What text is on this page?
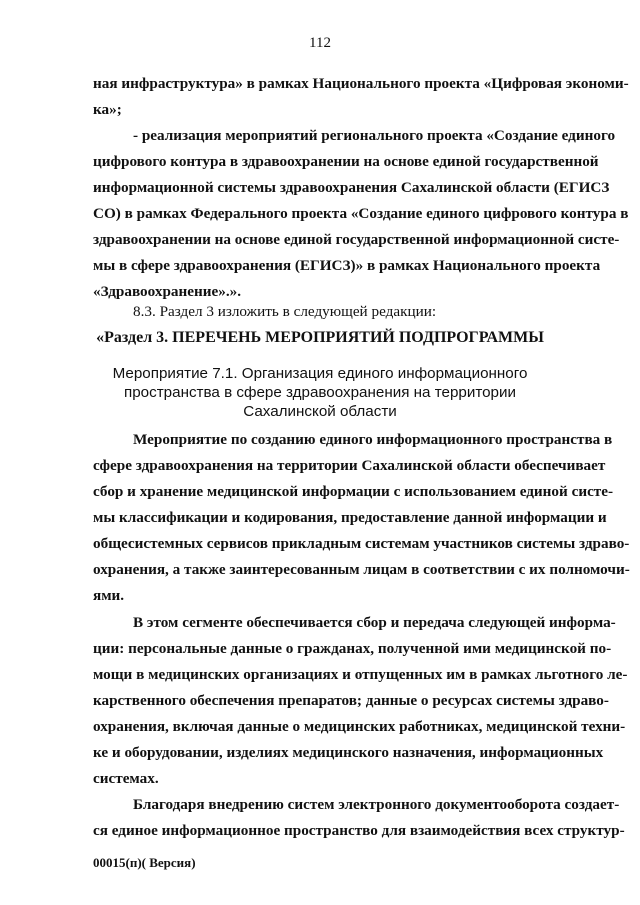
112
ная инфраструктура» в рамках Национального проекта «Цифровая экономи-
ка»;
- реализация мероприятий регионального проекта «Создание единого
цифрового контура в здравоохранении на основе единой государственной
информационной системы здравоохранения Сахалинской области (ЕГИСЗ
СО) в рамках Федерального проекта «Создание единого цифрового контура в
здравоохранении на основе единой государственной информационной систе-
мы в сфере здравоохранения (ЕГИСЗ)» в рамках Национального проекта
«Здравоохранение».».
8.3. Раздел 3 изложить в следующей редакции:
«Раздел 3. ПЕРЕЧЕНЬ МЕРОПРИЯТИЙ ПОДПРОГРАММЫ
Мероприятие 7.1. Организация единого информационного
пространства в сфере здравоохранения на территории
Сахалинской области
Мероприятие по созданию единого информационного пространства в
сфере здравоохранения на территории Сахалинской области обеспечивает
сбор и хранение медицинской информации с использованием единой систе-
мы классификации и кодирования, предоставление данной информации и
общесистемных сервисов прикладным системам участников системы здраво-
охранения, а также заинтересованным лицам в соответствии с их полномочи-
ями.
В этом сегменте обеспечивается сбор и передача следующей информа-
ции: персональные данные о гражданах, полученной ими медицинской по-
мощи в медицинских организациях и отпущенных им в рамках льготного ле-
карственного обеспечения препаратов; данные о ресурсах системы здраво-
охранения, включая данные о медицинских работниках, медицинской техни-
ке и оборудовании, изделиях медицинского назначения, информационных
системах.
Благодаря внедрению систем электронного документооборота создает-
ся единое информационное пространство для взаимодействия всех структур-
00015(п)( Версия)
